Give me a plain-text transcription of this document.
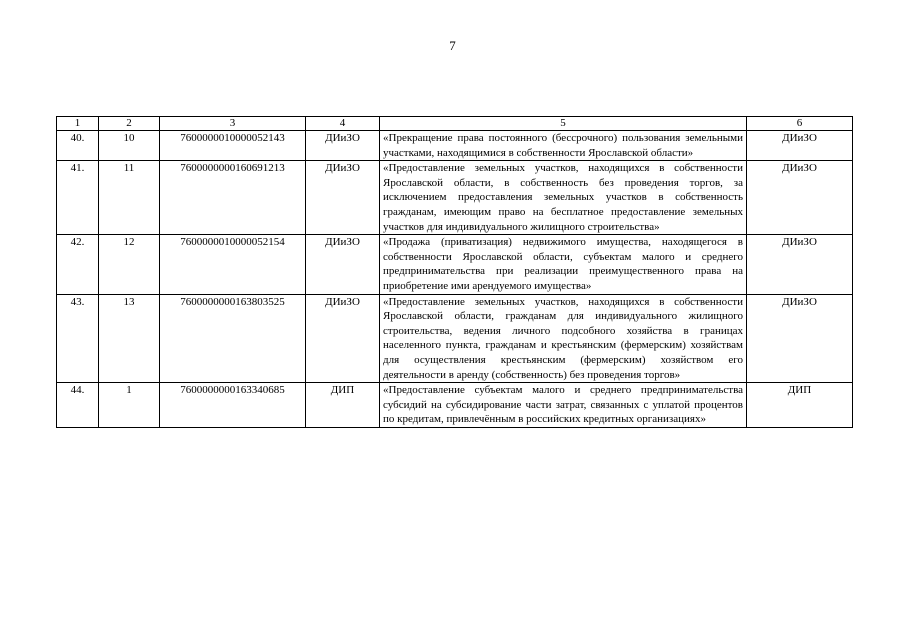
7
1	2	3	4	5	6
40.	10	7600000010000052143	ДИиЗО	«Прекращение права постоянного (бессрочного) пользования земельными участками, находящимися в собственности Ярославской области»	ДИиЗО
41.	11	7600000000160691213	ДИиЗО	«Предоставление земельных участков, находящихся в собственности Ярославской области, в собственность без проведения торгов, за исключением предоставления земельных участков в собственность гражданам, имеющим право на бесплатное предоставление земельных участков для индивидуального жилищного строительства»	ДИиЗО
42.	12	7600000010000052154	ДИиЗО	«Продажа (приватизация) недвижимого имущества, находящегося в собственности Ярославской области, субъектам малого и среднего предпринимательства при реализации преимущественного права на приобретение ими арендуемого имущества»	ДИиЗО
43.	13	7600000000163803525	ДИиЗО	«Предоставление земельных участков, находящихся в собственности Ярославской области, гражданам для индивидуального жилищного строительства, ведения личного подсобного хозяйства в границах населенного пункта, гражданам и крестьянским (фермерским) хозяйствам для осуществления крестьянским (фермерским) хозяйством его деятельности в аренду (собственность) без проведения торгов»	ДИиЗО
44.	1	7600000000163340685	ДИП	«Предоставление субъектам малого и среднего предпринимательства субсидий на субсидирование части затрат, связанных с уплатой процентов по кредитам, привлечённым в российских кредитных организациях»	ДИП
